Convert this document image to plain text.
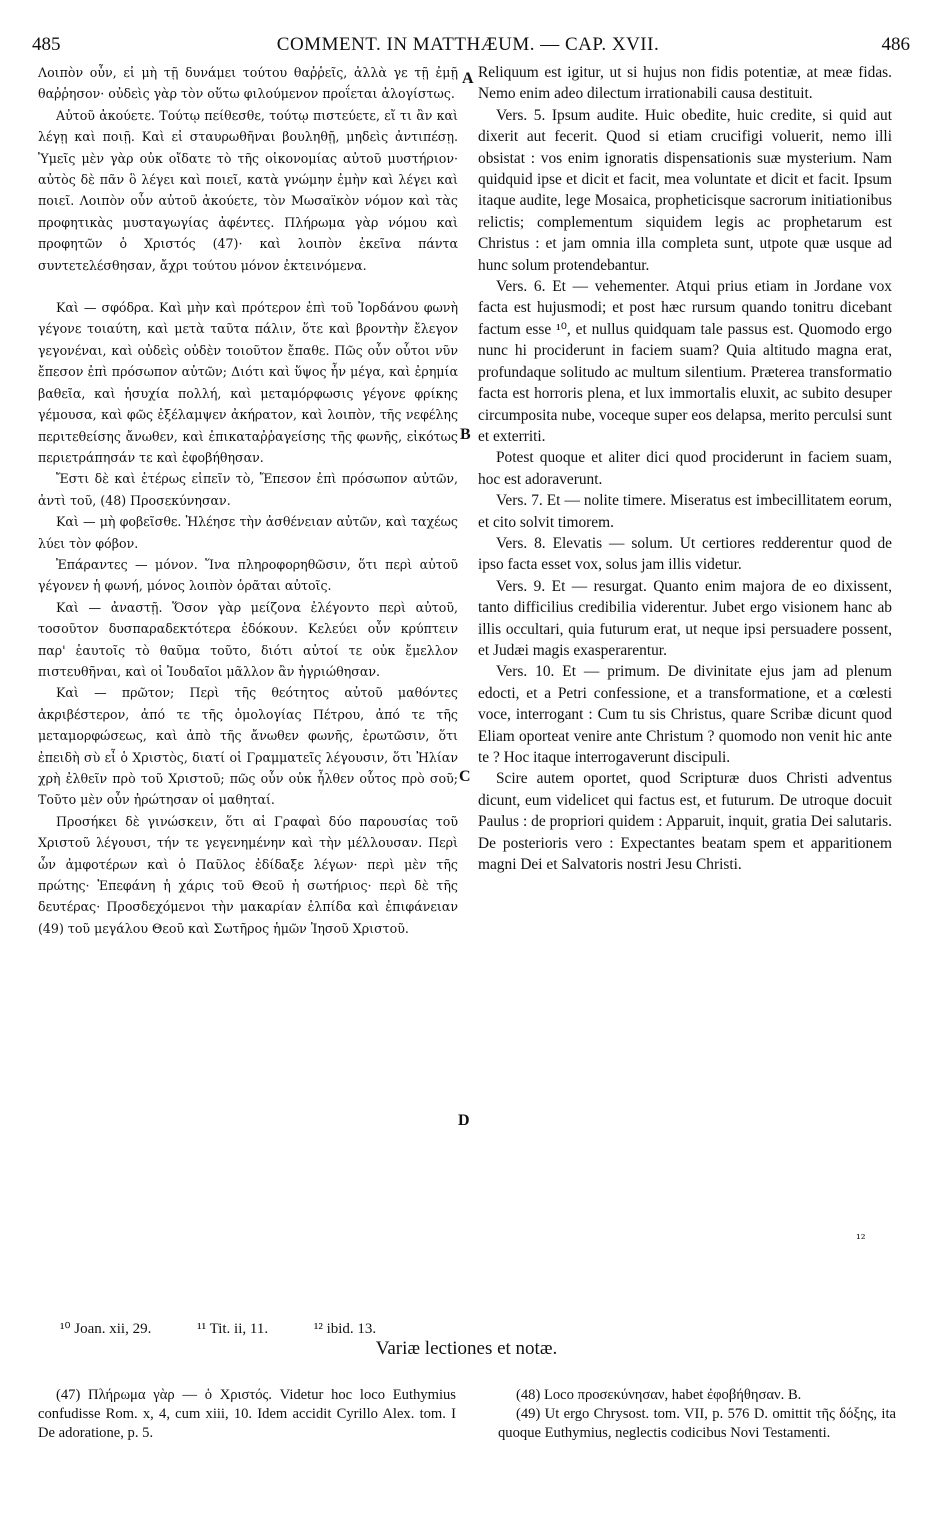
485	COMMENT. IN MATTHÆUM. — CAP. XVII.	486

Λοιπὸν οὖν, εἰ μὴ τῇ δυνάμει τούτου θαῤῥεῖς, ἀλλὰ γε τῇ ἐμῇ θαῤῥησον· οὐδεὶς γὰρ τὸν οὕτω φιλούμενον προΐεται ἀλογίστως.

Αὐτοῦ ἀκούετε. Τούτῳ πείθεσθε, τούτῳ πιστεύετε, εἴ τι ἂν καὶ λέγῃ καὶ ποιῇ. Καὶ εἰ σταυρωθῆναι βουληθῇ, μηδεὶς ἀντιπέσῃ. Ὑμεῖς μὲν γὰρ οὐκ οἴδατε τὸ τῆς οἰκονομίας αὐτοῦ μυστήριον· αὐτὸς δὲ πᾶν ὃ λέγει καὶ ποιεῖ, κατὰ γνώμην ἐμὴν καὶ λέγει καὶ ποιεῖ. Λοιπὸν οὖν αὐτοῦ ἀκούετε, τὸν Μωσαϊκὸν νόμον καὶ τὰς προφητικὰς μυσταγωγίας ἀφέντες. Πλήρωμα γὰρ νόμου καὶ προφητῶν ὁ Χριστός (47)· καὶ λοιπὸν ἐκεῖνα πάντα συντετελέσθησαν, ἄχρι τούτου μόνον ἐκτεινόμενα.

Καὶ — σφόδρα. Καὶ μὴν καὶ πρότερον ἐπὶ τοῦ Ἰορδάνου φωνὴ γέγονε τοιαύτη, καὶ μετὰ ταῦτα πάλιν, ὅτε καὶ βροντὴν ἔλεγον γεγονέναι, καὶ οὐδεὶς οὐδὲν τοιοῦτον ἔπαθε. Πῶς οὖν οὗτοι νῦν ἔπεσον ἐπὶ πρόσωπον αὐτῶν; Διότι καὶ ὕψος ἦν μέγα, καὶ ἐρημία βαθεῖα, καὶ ἡσυχία πολλή, καὶ μεταμόρφωσις γέγονε φρίκης γέμουσα, καὶ φῶς ἐξέλαμψεν ἀκήρατον, καὶ λοιπὸν, τῆς νεφέλης περιτεθείσης ἄνωθεν, καὶ ἐπικαταῤῥαγείσης τῆς φωνῆς, εἰκότως περιετράπησάν τε καὶ ἐφοβήθησαν.

Ἔστι δὲ καὶ ἑτέρως εἰπεῖν τὸ, Ἔπεσον ἐπὶ πρόσωπον αὐτῶν, ἀντὶ τοῦ, (48) Προσεκύνησαν.

Καὶ — μὴ φοβεῖσθε. Ἠλέησε τὴν ἀσθένειαν αὐτῶν, καὶ ταχέως λύει τὸν φόβον.

Ἐπάραντες — μόνον. Ἵνα πληροφορηθῶσιν, ὅτι περὶ αὐτοῦ γέγονεν ἡ φωνή, μόνος λοιπὸν ὁρᾶται αὐτοῖς.

Καὶ — ἀναστῇ. Ὅσον γὰρ μείζονα ἐλέγοντο περὶ αὐτοῦ, τοσοῦτον δυσπαραδεκτότερα ἐδόκουν. Κελεύει οὖν κρύπτειν παρ' ἑαυτοῖς τὸ θαῦμα τοῦτο, διότι αὐτοί τε οὐκ ἔμελλον πιστευθῆναι, καὶ οἱ Ἰουδαῖοι μᾶλλον ἂν ἠγριώθησαν.

Καὶ — πρῶτον; Περὶ τῆς θεότητος αὐτοῦ μαθόντες ἀκριβέστερον, ἀπό τε τῆς ὁμολογίας Πέτρου, ἀπό τε τῆς μεταμορφώσεως, καὶ ἀπὸ τῆς ἄνωθεν φωνῆς, ἐρωτῶσιν, ὅτι ἐπειδὴ σὺ εἶ ὁ Χριστὸς, διατί οἱ Γραμματεῖς λέγουσιν, ὅτι Ἠλίαν χρὴ ἐλθεῖν πρὸ τοῦ Χριστοῦ; πῶς οὖν οὐκ ἦλθεν οὗτος πρὸ σοῦ; Τοῦτο μὲν οὖν ἠρώτησαν οἱ μαθηταί.

Προσήκει δὲ γινώσκειν, ὅτι αἱ Γραφαὶ δύο παρουσίας τοῦ Χριστοῦ λέγουσι, τήν τε γεγενημένην καὶ τὴν μέλλουσαν. Περὶ ὧν ἀμφοτέρων καὶ ὁ Παῦλος ἐδίδαξε λέγων· περὶ μὲν τῆς πρώτης· Ἐπεφάνη ἡ χάρις τοῦ Θεοῦ ἡ σωτήριος· περὶ δὲ τῆς δευτέρας· Προσδεχόμενοι τὴν μακαρίαν ἐλπίδα καὶ ἐπιφάνειαν (49) τοῦ μεγάλου Θεοῦ καὶ Σωτῆρος ἡμῶν Ἰησοῦ Χριστοῦ.

Reliquum est igitur, ut si hujus non fidis potentiæ, at meæ fidas. Nemo enim adeo dilectum irrationabili causa destituit.

Vers. 5. Ipsum audite. Huic obedite, huic credite, si quid aut dixerit aut fecerit. Quod si etiam crucifigi voluerit, nemo illi obsistat : vos enim ignoratis dispensationis suæ mysterium. Nam quidquid ipse et dicit et facit, mea voluntate et dicit et facit. Ipsum itaque audite, lege Mosaica, propheticisque sacrorum initiationibus relictis; complementum siquidem legis ac prophetarum est Christus : et jam omnia illa completa sunt, utpote quæ usque ad hunc solum protendebantur.

Vers. 6. Et — vehementer. Atqui prius etiam in Jordane vox facta est hujusmodi; et post hæc rursum quando tonitru dicebant factum esse ¹⁰, et nullus quidquam tale passus est. Quomodo ergo nunc hi prociderunt in faciem suam? Quia altitudo magna erat, profundaque solitudo ac multum silentium. Præterea transformatio facta est horroris plena, et lux immortalis eluxit, ac subito desuper circumposita nube, voceque super eos delapsa, merito perculsi sunt et exterriti.

Potest quoque et aliter dici quod prociderunt in faciem suam, hoc est adoraverunt.

Vers. 7. Et — nolite timere. Miseratus est imbecillitatem eorum, et cito solvit timorem.

Vers. 8. Elevatis — solum. Ut certiores redderentur quod de ipso facta esset vox, solus jam illis videtur.

Vers. 9. Et — resurgat. Quanto enim majora de eo dixissent, tanto difficilius credibilia viderentur. Jubet ergo visionem hanc ab illis occultari, quia futurum erat, ut neque ipsi persuadere possent, et Judæi magis exasperarentur.

Vers. 10. Et — primum. De divinitate ejus jam ad plenum edocti, et a Petri confessione, et a transformatione, et a cœlesti voce, interrogant : Cum tu sis Christus, quare Scribæ dicunt quod Eliam oporteat venire ante Christum ? quomodo non venit hic ante te ? Hoc itaque interrogaverunt discipuli.

Scire autem oportet, quod Scripturæ duos Christi adventus dicunt, eum videlicet qui factus est, et futurum. De utroque docuit Paulus : de propriori quidem : Apparuit, inquit, gratia Dei salutaris. De posterioris vero : Expectantes beatam spem et apparitionem magni Dei et Salvatoris nostri Jesu Christi.

A
B
C
D
¹²
¹⁰ Joan. xii, 29.	¹¹ Tit. ii, 11.	¹² ibid. 13.
Variæ lectiones et notæ.

(47) Πλήρωμα γὰρ — ὁ Χριστός. Videtur hoc loco Euthymius confudisse Rom. x, 4, cum xiii, 10. Idem accidit Cyrillo Alex. tom. I De adoratione, p. 5.

(48) Loco προσεκύνησαν, habet ἐφοβήθησαν. B.

(49) Ut ergo Chrysost. tom. VII, p. 576 D. omittit τῆς δόξης, ita quoque Euthymius, neglectis codicibus Novi Testamenti.
